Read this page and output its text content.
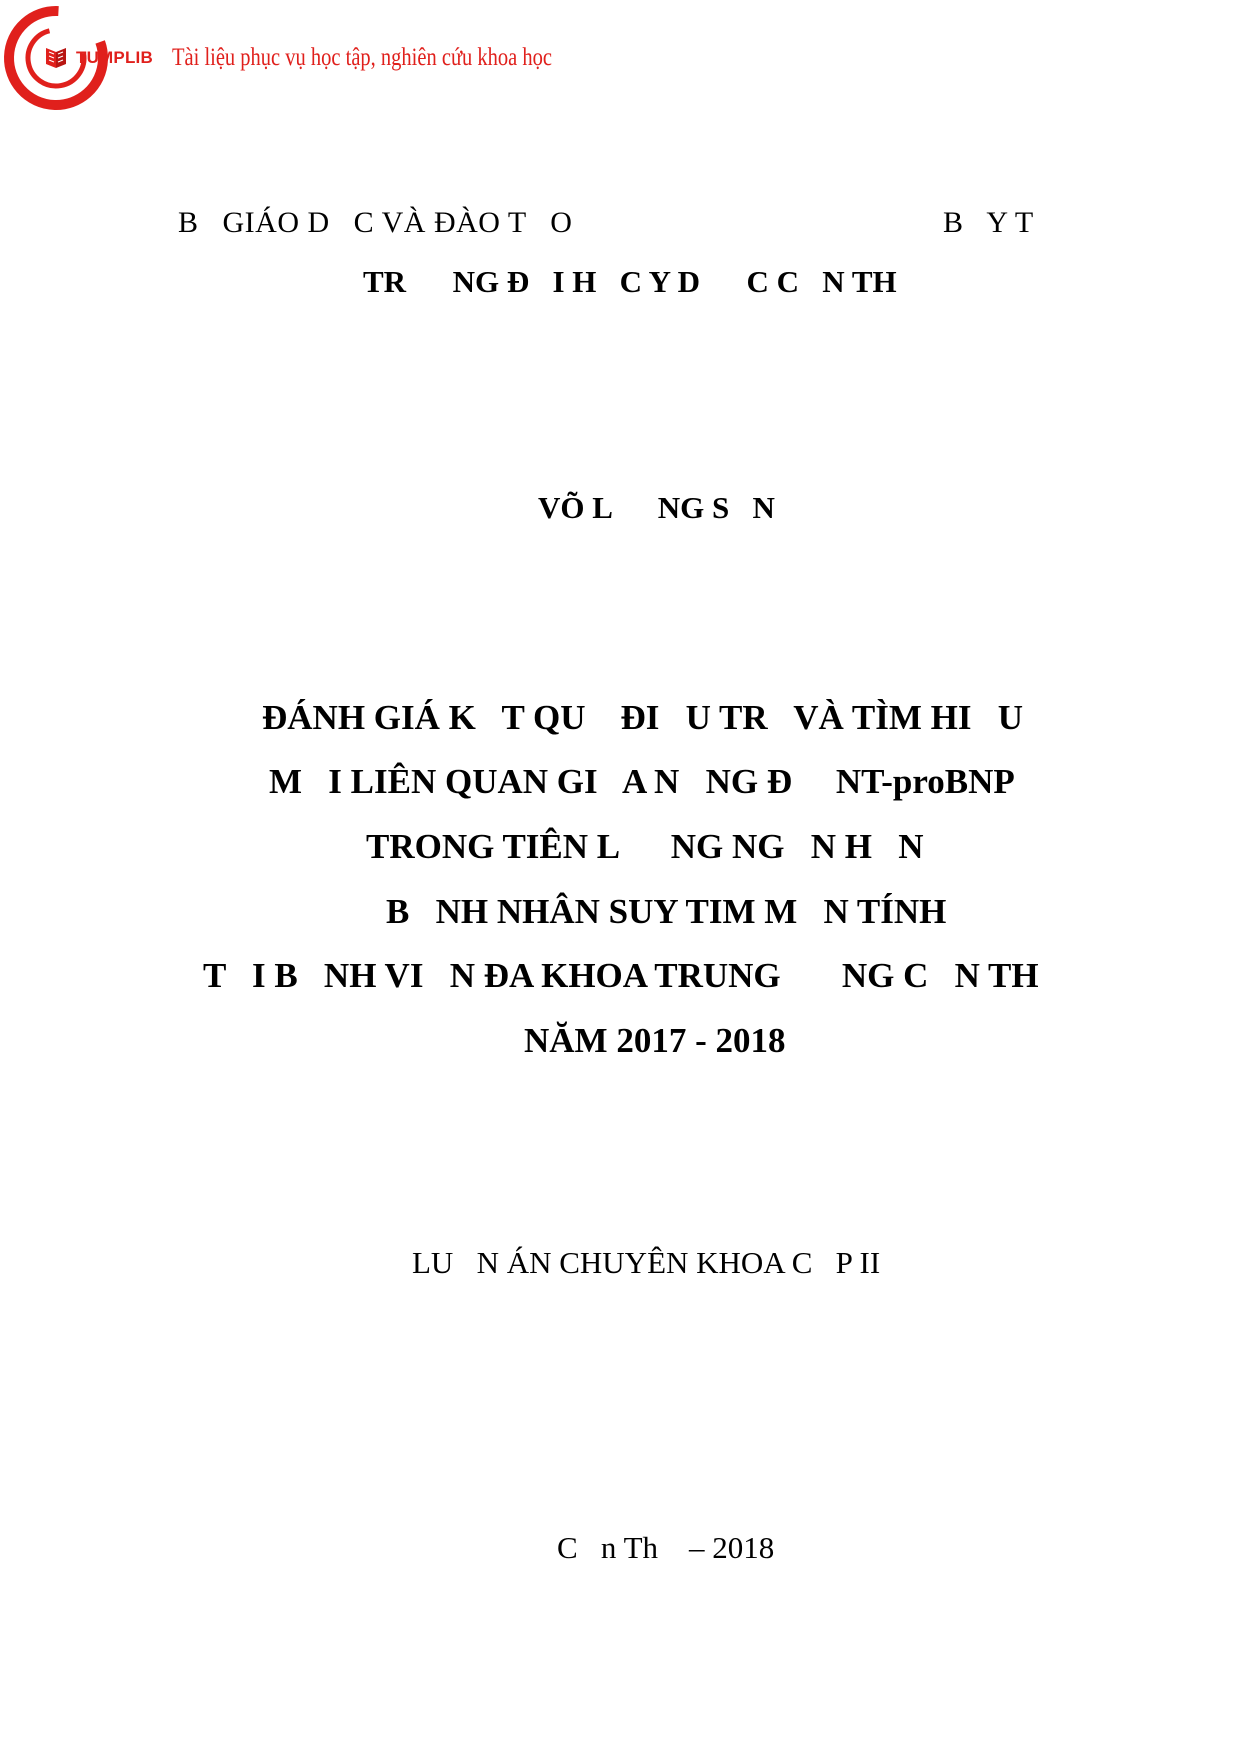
TUMPLIB Tài liệu phục vụ học tập, nghiên cứu khoa học
B   GIÁO D   C VÀ ĐÀO T   O	B   Y T
TR      NG Đ   I H   C Y D      C C   N TH
VÕ L      NG S   N
ĐÁNH GIÁ K   T QU    ĐI   U TR   VÀ TÌM HI   U
M   I LIÊN QUAN GI   A N   NG Đ     NT-proBNP
TRONG TIÊN L      NG NG   N H   N
B   NH NHÂN SUY TIM M   N TÍNH
T   I B   NH VI   N ĐA KHOA TRUNG       NG C   N TH
NĂM 2017 - 2018
LU   N ÁN CHUYÊN KHOA C   P II
C   n Th    – 2018
